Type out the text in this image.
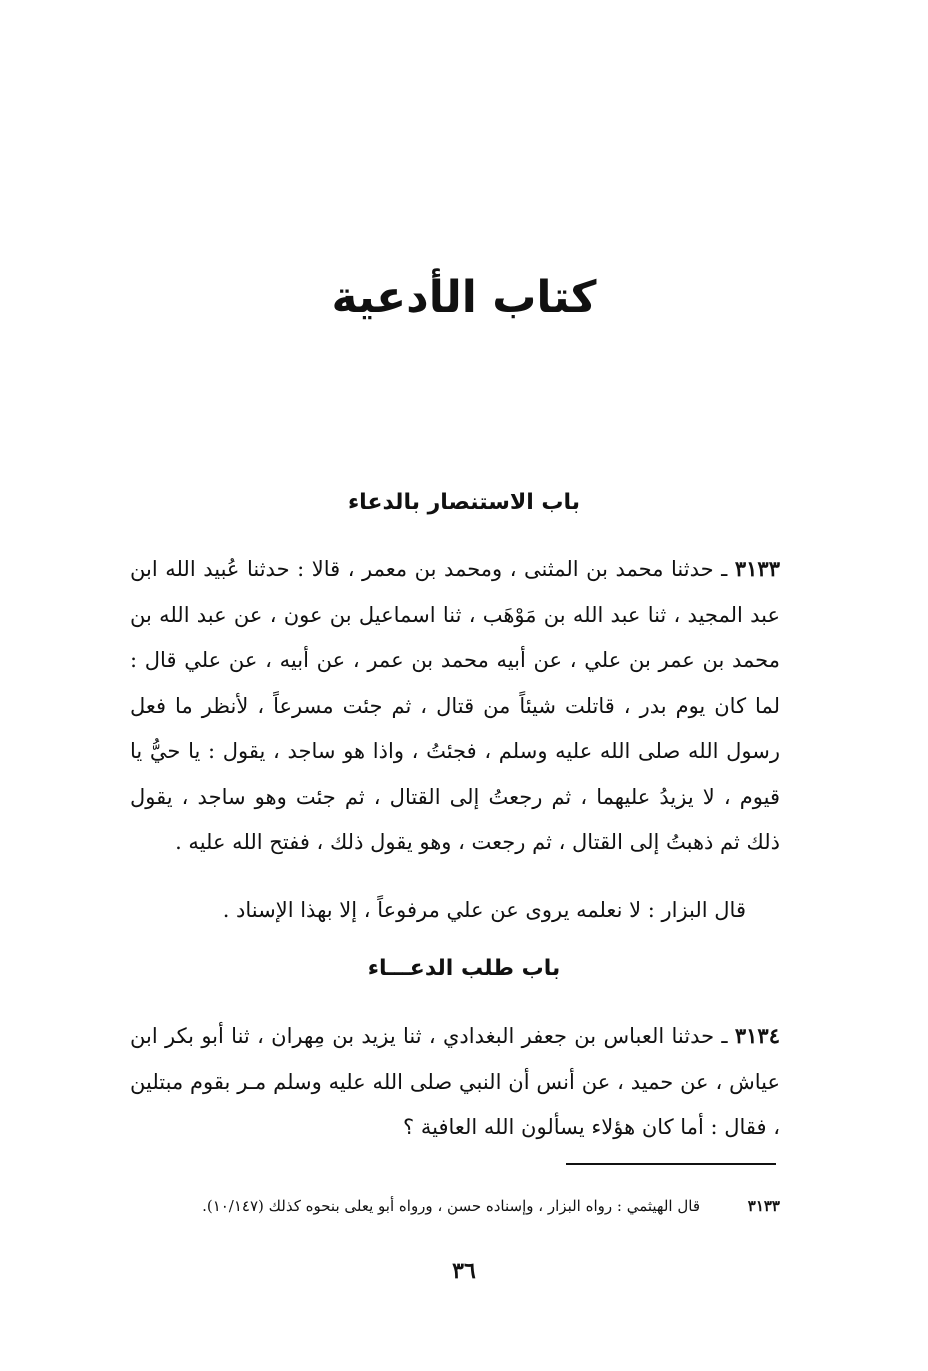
كتاب الأدعية
باب الاستنصار بالدعاء

٣١٣٣ ـ حدثنا محمد بن المثنى ، ومحمد بن معمر ، قالا : حدثنا عُبيد الله ابن عبد المجيد ، ثنا عبد الله بن مَوْهَب ، ثنا اسماعيل بن عون ، عن عبد الله بن محمد بن عمر بن علي ، عن أبيه محمد بن عمر ، عن أبيه ، عن علي قال : لما كان يوم بدر ، قاتلت شيئاً من قتال ، ثم جئت مسرعاً ، لأنظر ما فعل رسول الله صلى الله عليه وسلم ، فجئتُ ، واذا هو ساجد ، يقول : يا حيُّ يا قيوم ، لا يزيدُ عليهما ، ثم رجعتُ إلى القتال ، ثم جئت وهو ساجد ، يقول ذلك ثم ذهبتُ إلى القتال ، ثم رجعت ، وهو يقول ذلك ، ففتح الله عليه .

قال البزار : لا نعلمه يروى عن علي مرفوعاً ، إلا بهذا الإسناد .

باب طلب الدعـــاء

٣١٣٤ ـ حدثنا العباس بن جعفر البغدادي ، ثنا يزيد بن مِهران ، ثنا أبو بكر ابن عياش ، عن حميد ، عن أنس أن النبي صلى الله عليه وسلم مـر بقوم مبتلين ، فقال : أما كان هؤلاء يسألون الله العافية ؟

٣١٣٣
قال الهيثمي : رواه البزار ، وإسناده حسن ، ورواه أبو يعلى بنحوه كذلك (١٠/١٤٧).
٣٦
